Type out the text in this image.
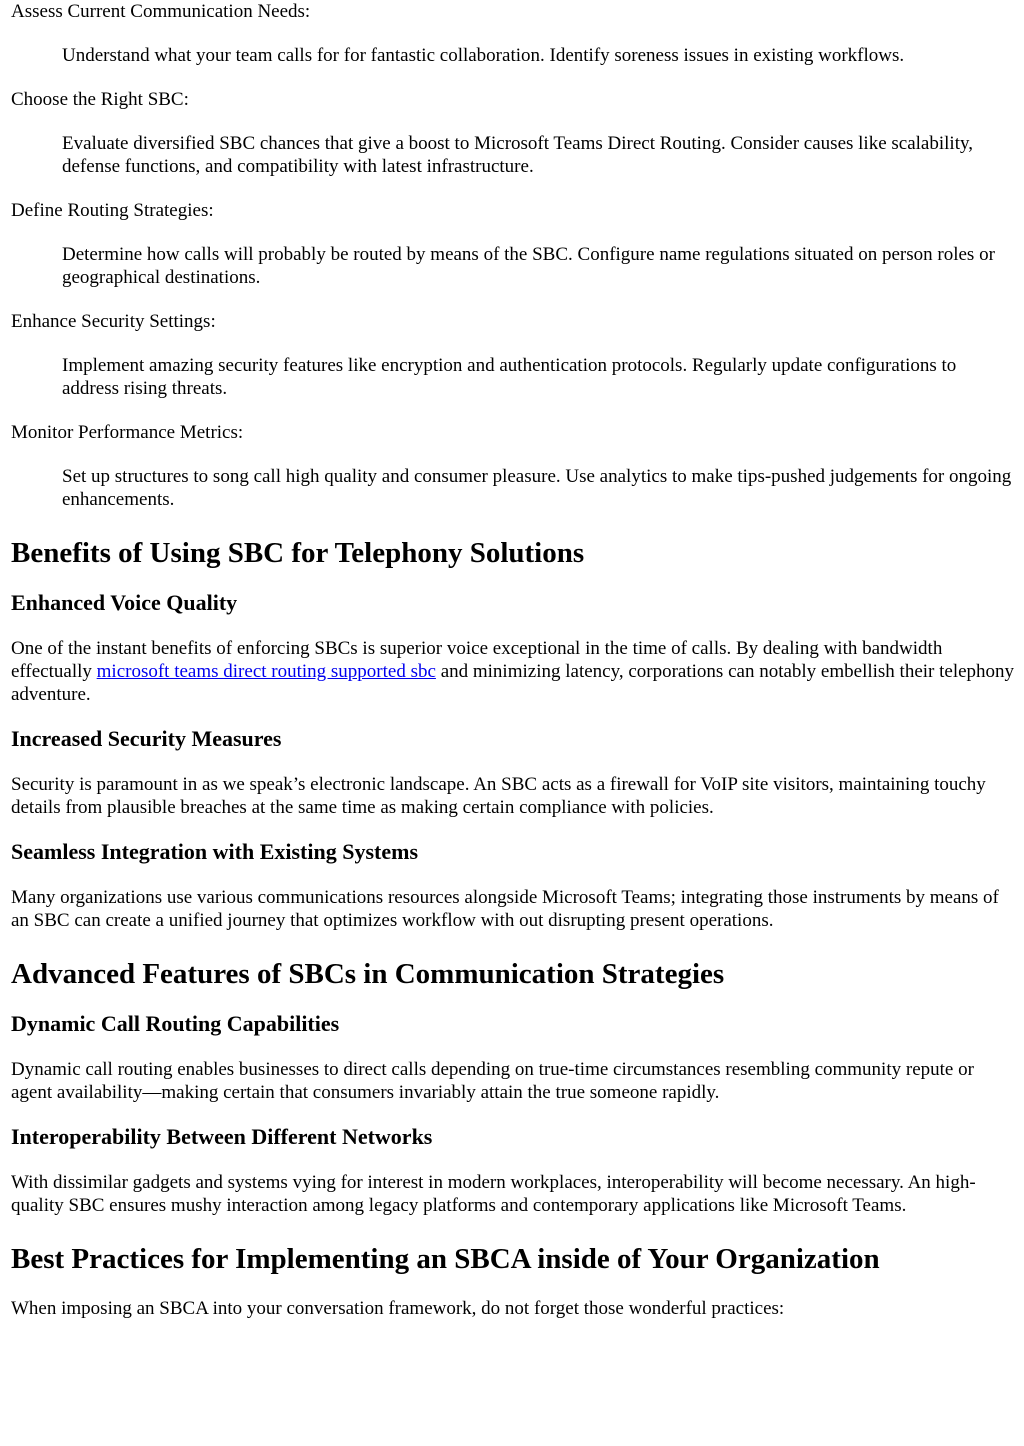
Assess Current Communication Needs:
Understand what your team calls for for fantastic collaboration. Identify soreness issues in existing workflows.
Choose the Right SBC:
Evaluate diversified SBC chances that give a boost to Microsoft Teams Direct Routing. Consider causes like scalability, defense functions, and compatibility with latest infrastructure.
Define Routing Strategies:
Determine how calls will probably be routed by means of the SBC. Configure name regulations situated on person roles or geographical destinations.
Enhance Security Settings:
Implement amazing security features like encryption and authentication protocols. Regularly update configurations to address rising threats.
Monitor Performance Metrics:
Set up structures to song call high quality and consumer pleasure. Use analytics to make tips-pushed judgements for ongoing enhancements.
Benefits of Using SBC for Telephony Solutions
Enhanced Voice Quality

One of the instant benefits of enforcing SBCs is superior voice exceptional in the time of calls. By dealing with bandwidth effectually microsoft teams direct routing supported sbc and minimizing latency, corporations can notably embellish their telephony adventure.

Increased Security Measures

Security is paramount in as we speak’s electronic landscape. An SBC acts as a firewall for VoIP site visitors, maintaining touchy details from plausible breaches at the same time as making certain compliance with policies.

Seamless Integration with Existing Systems

Many organizations use various communications resources alongside Microsoft Teams; integrating those instruments by means of an SBC can create a unified journey that optimizes workflow with out disrupting present operations.

Advanced Features of SBCs in Communication Strategies
Dynamic Call Routing Capabilities

Dynamic call routing enables businesses to direct calls depending on true-time circumstances resembling community repute or agent availability—making certain that consumers invariably attain the true someone rapidly.

Interoperability Between Different Networks

With dissimilar gadgets and systems vying for interest in modern workplaces, interoperability will become necessary. An high-quality SBC ensures mushy interaction among legacy platforms and contemporary applications like Microsoft Teams.

Best Practices for Implementing an SBCA inside of Your Organization

When imposing an SBCA into your conversation framework, do not forget those wonderful practices:
